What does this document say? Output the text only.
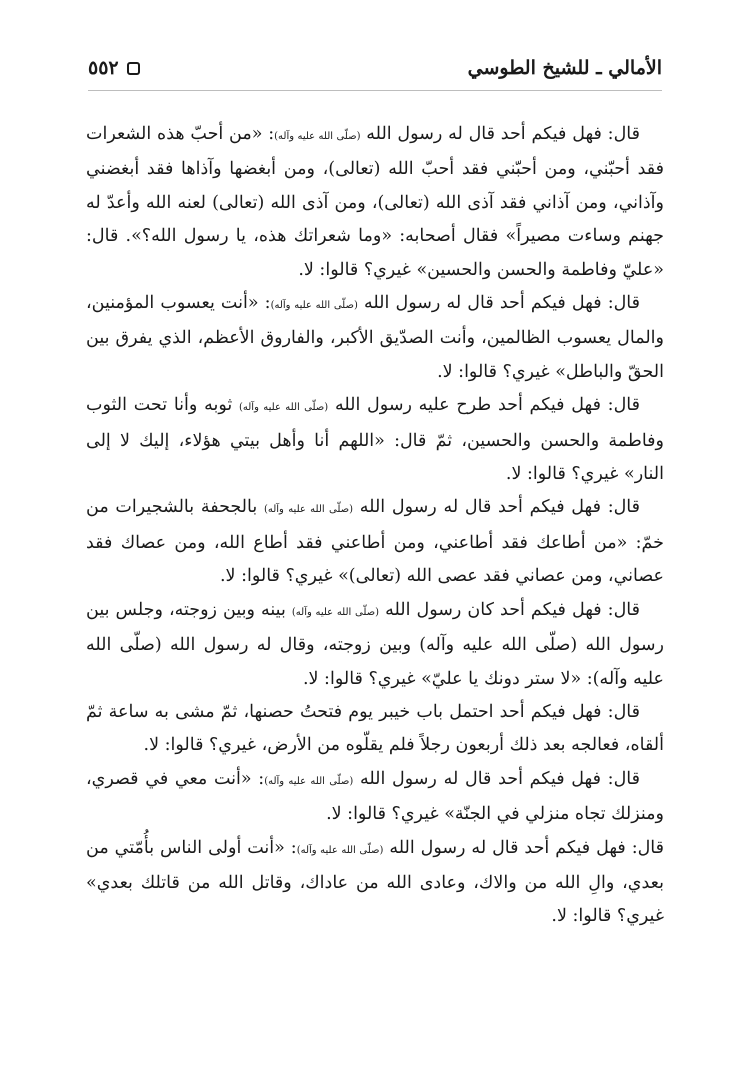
٥٥٢	الأمالي ـ للشيخ الطوسي

قال: فهل فيكم أحد قال له رسول الله (صلّى الله عليه وآله): «من أحبّ هذه الشعرات فقد أحبّني، ومن أحبّني فقد أحبّ الله (تعالى)، ومن أبغضها وآذاها فقد أبغضني وآذاني، ومن آذاني فقد آذى الله (تعالى)، ومن آذى الله (تعالى) لعنه الله وأعدّ له جهنم وساءت مصيراً» فقال أصحابه: «وما شعراتك هذه، يا رسول الله؟». قال: «عليّ وفاطمة والحسن والحسين» غيري؟ قالوا: لا.

قال: فهل فيكم أحد قال له رسول الله (صلّى الله عليه وآله): «أنت يعسوب المؤمنين، والمال يعسوب الظالمين، وأنت الصدّيق الأكبر، والفاروق الأعظم، الذي يفرق بين الحقّ والباطل» غيري؟ قالوا: لا.

قال: فهل فيكم أحد طرح عليه رسول الله (صلّى الله عليه وآله) ثوبه وأنا تحت الثوب وفاطمة والحسن والحسين، ثمّ قال: «اللهم أنا وأهل بيتي هؤلاء، إليك لا إلى النار» غيري؟ قالوا: لا.

قال: فهل فيكم أحد قال له رسول الله (صلّى الله عليه وآله) بالجحفة بالشجيرات من خمّ: «من أطاعك فقد أطاعني، ومن أطاعني فقد أطاع الله، ومن عصاك فقد عصاني، ومن عصاني فقد عصى الله (تعالى)» غيري؟ قالوا: لا.

قال: فهل فيكم أحد كان رسول الله (صلّى الله عليه وآله) بينه وبين زوجته، وجلس بين رسول الله (صلّى الله عليه وآله) وبين زوجته، وقال له رسول الله (صلّى الله عليه وآله): «لا ستر دونك يا عليّ» غيري؟ قالوا: لا.

قال: فهل فيكم أحد احتمل باب خيبر يوم فتحتُ حصنها، ثمّ مشى به ساعة ثمّ ألقاه، فعالجه بعد ذلك أربعون رجلاً فلم يقلّوه من الأرض، غيري؟ قالوا: لا.

قال: فهل فيكم أحد قال له رسول الله (صلّى الله عليه وآله): «أنت معي في قصري، ومنزلك تجاه منزلي في الجنّة» غيري؟ قالوا: لا.

قال: فهل فيكم أحد قال له رسول الله (صلّى الله عليه وآله): «أنت أولى الناس بأُمّتي من بعدي، والِ الله من والاك، وعادى الله من عاداك، وقاتل الله من قاتلك بعدي» غيري؟ قالوا: لا.
